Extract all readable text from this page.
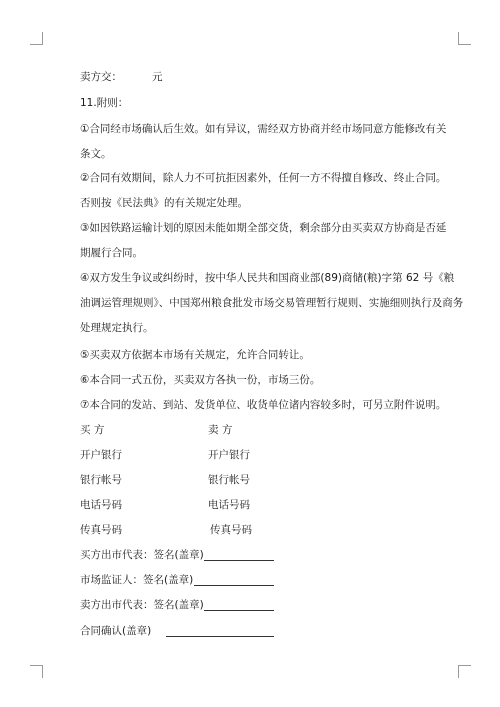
卖方交：	元
11.附则：
①合同经市场确认后生效。如有异议，需经双方协商并经市场同意方能修改有关
条文。
②合同有效期间，除人力不可抗拒因素外，任何一方不得擅自修改、终止合同。
否则按《民法典》的有关规定处理。
③如因铁路运输计划的原因未能如期全部交货，剩余部分由买卖双方协商是否延
期履行合同。
④双方发生争议或纠纷时，按中华人民共和国商业部(89)商储(粮)字第 62 号《粮
油调运管理规则》、中国郑州粮食批发市场交易管理暂行规则、实施细则执行及商务
处理规定执行。
⑤买卖双方依据本市场有关规定，允许合同转让。
⑥本合同一式五份，买卖双方各执一份，市场三份。
⑦本合同的发站、到站、发货单位、收货单位诸内容较多时，可另立附件说明。
买 方	卖 方
开户银行	开户银行
银行帐号	银行帐号
电话号码	电话号码
传真号码	传真号码
买方出市代表：签名(盖章)
市场监证人：签名(盖章)
卖方出市代表：签名(盖章)
合同确认(盖章)
